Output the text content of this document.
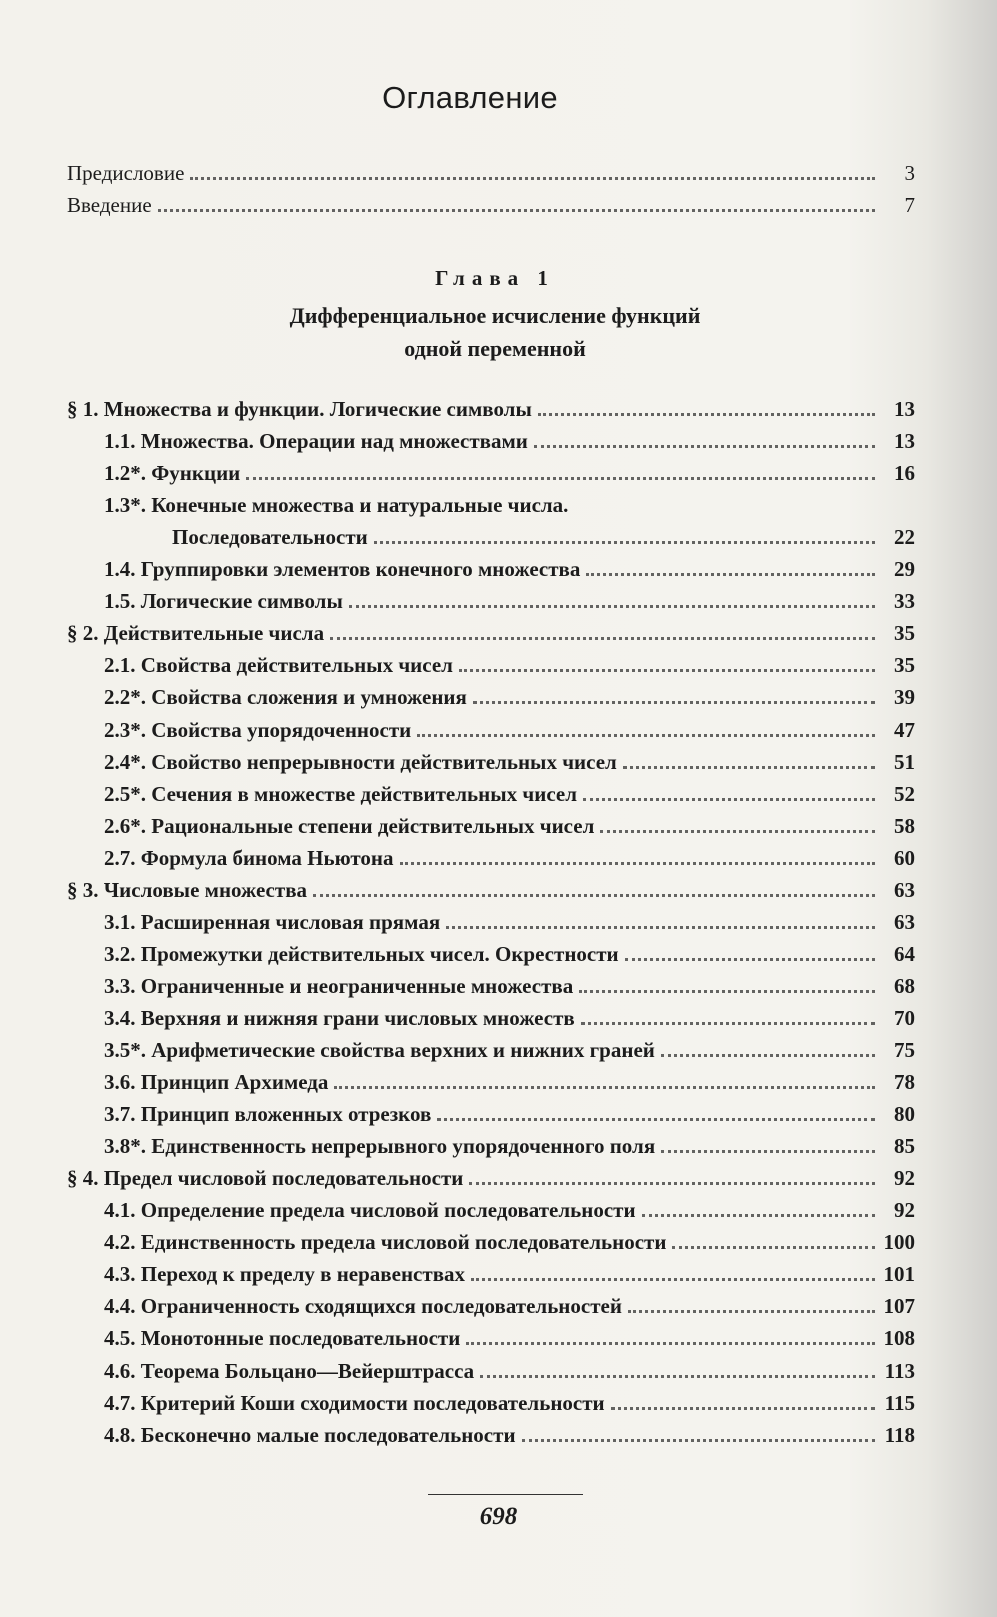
Оглавление
Предисловие	3
Введение	7
Глава 1
Дифференциальное исчисление функций
одной переменной
§ 1. Множества и функции. Логические символы	13
1.1. Множества. Операции над множествами	13
1.2*. Функции	16
1.3*. Конечные множества и натуральные числа.
Последовательности	22
1.4. Группировки элементов конечного множества	29
1.5. Логические символы	33
§ 2. Действительные числа	35
2.1. Свойства действительных чисел	35
2.2*. Свойства сложения и умножения	39
2.3*. Свойства упорядоченности	47
2.4*. Свойство непрерывности действительных чисел	51
2.5*. Сечения в множестве действительных чисел	52
2.6*. Рациональные степени действительных чисел	58
2.7. Формула бинома Ньютона	60
§ 3. Числовые множества	63
3.1. Расширенная числовая прямая	63
3.2. Промежутки действительных чисел. Окрестности	64
3.3. Ограниченные и неограниченные множества	68
3.4. Верхняя и нижняя грани числовых множеств	70
3.5*. Арифметические свойства верхних и нижних граней	75
3.6. Принцип Архимеда	78
3.7. Принцип вложенных отрезков	80
3.8*. Единственность непрерывного упорядоченного поля	85
§ 4. Предел числовой последовательности	92
4.1. Определение предела числовой последовательности	92
4.2. Единственность предела числовой последовательности	100
4.3. Переход к пределу в неравенствах	101
4.4. Ограниченность сходящихся последовательностей	107
4.5. Монотонные последовательности	108
4.6. Теорема Больцано—Вейерштрасса	113
4.7. Критерий Коши сходимости последовательности	115
4.8. Бесконечно малые последовательности	118
698
